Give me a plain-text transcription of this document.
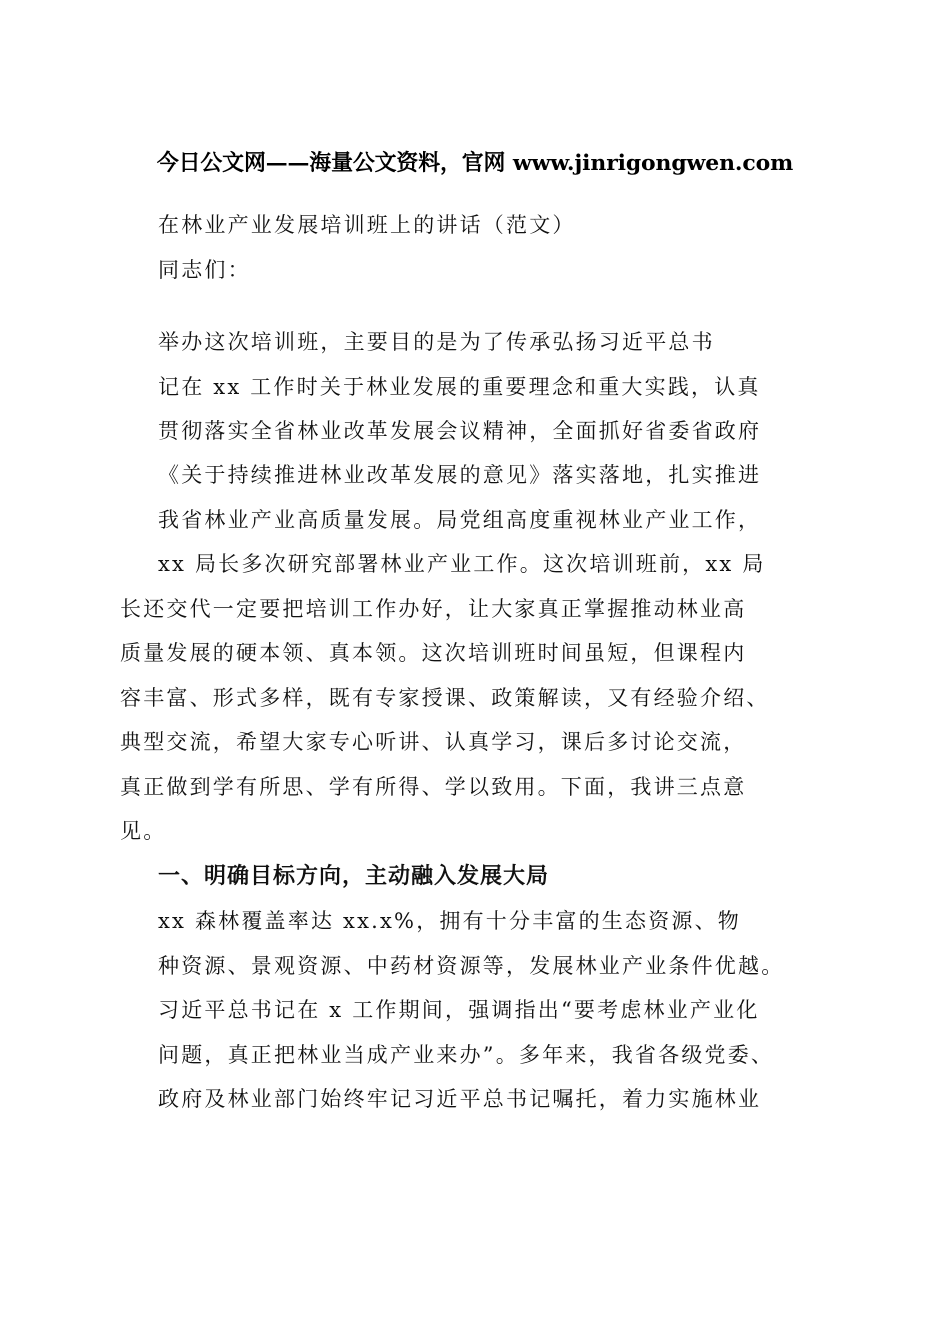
今日公文网——海量公文资料，官网 www.jinrigongwen.com
在林业产业发展培训班上的讲话（范文）
同志们：
举办这次培训班，主要目的是为了传承弘扬习近平总书
记在 xx 工作时关于林业发展的重要理念和重大实践，认真
贯彻落实全省林业改革发展会议精神，全面抓好省委省政府
《关于持续推进林业改革发展的意见》落实落地，扎实推进
我省林业产业高质量发展。局党组高度重视林业产业工作，
xx 局长多次研究部署林业产业工作。这次培训班前，xx 局
长还交代一定要把培训工作办好，让大家真正掌握推动林业高
质量发展的硬本领、真本领。这次培训班时间虽短，但课程内
容丰富、形式多样，既有专家授课、政策解读，又有经验介绍、
典型交流，希望大家专心听讲、认真学习，课后多讨论交流，
真正做到学有所思、学有所得、学以致用。下面，我讲三点意
见。
一、明确目标方向，主动融入发展大局
xx 森林覆盖率达 xx.x%，拥有十分丰富的生态资源、物
种资源、景观资源、中药材资源等，发展林业产业条件优越。
习近平总书记在 x 工作期间，强调指出“要考虑林业产业化
问题，真正把林业当成产业来办”。多年来，我省各级党委、
政府及林业部门始终牢记习近平总书记嘱托，着力实施林业
